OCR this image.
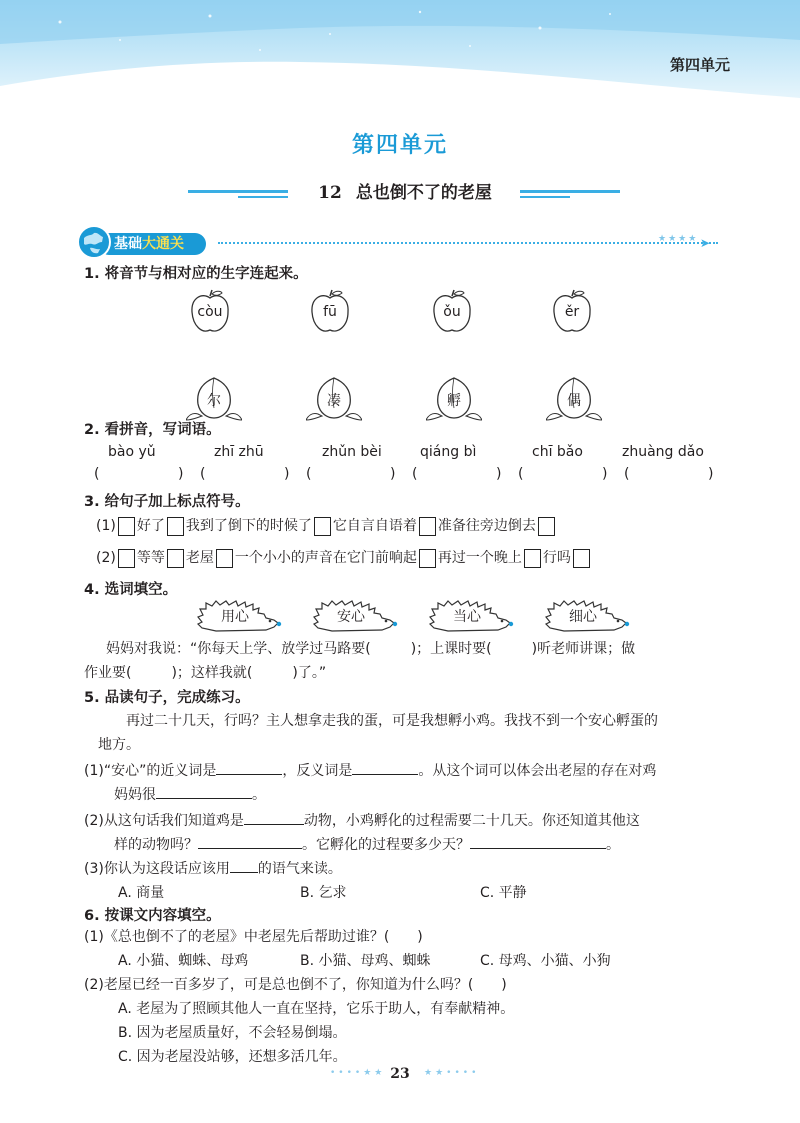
第四单元
第四单元
12 总也倒不了的老屋
基础大通关	★★★★ ➤
1. 将音节与相对应的生字连起来。
còu	fū	ǒu	ěr
尔	凑	孵	偶
2. 看拼音，写词语。
bào yǔ	zhī zhū	zhǔn bèi	qiáng bì	chī bǎo	zhuàng dǎo
(	) (	) (	) (	) (	) (	)
3. 给句子加上标点符号。
(1) 好了 我到了倒下的时候了 它自言自语着 准备往旁边倒去
(2) 等等 老屋 一个小小的声音在它门前响起 再过一个晚上 行吗
4. 选词填空。
用心	安心	当心	细心
妈妈对我说：“你每天上学、放学过马路要(	)；上课时要(	)听老师讲课；做
作业要(	)；这样我就(	)了。”
5. 品读句子，完成练习。
再过二十几天，行吗？主人想拿走我的蛋，可是我想孵小鸡。我找不到一个安心孵蛋的
地方。
(1)“安心”的近义词是	，反义词是	。从这个词可以体会出老屋的存在对鸡
妈妈很	。
(2)从这句话我们知道鸡是	动物，小鸡孵化的过程需要二十几天。你还知道其他这
样的动物吗？	。它孵化的过程要多少天？	。
(3)你认为这段话应该用 的语气来读。
A. 商量	B. 乞求	C. 平静
6. 按课文内容填空。
(1)《总也倒不了的老屋》中老屋先后帮助过谁？(　　)
A. 小猫、蜘蛛、母鸡	B. 小猫、母鸡、蜘蛛	C. 母鸡、小猫、小狗
(2)老屋已经一百多岁了，可是总也倒不了，你知道为什么吗？(　　)
A. 老屋为了照顾其他人一直在坚持，它乐于助人，有奉献精神。
B. 因为老屋质量好，不会轻易倒塌。
C. 因为老屋没站够，还想多活几年。
••••★★ 23	★★••••
